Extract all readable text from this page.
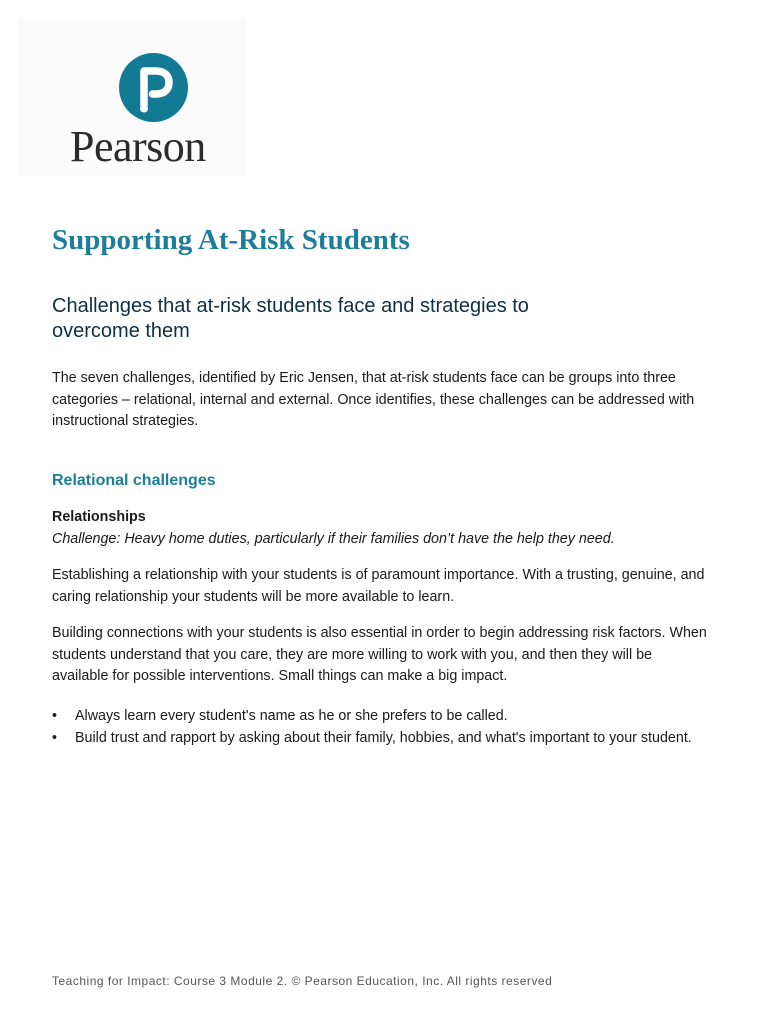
Pearson
Supporting At-Risk Students
Challenges that at-risk students face and strategies to overcome them

The seven challenges, identified by Eric Jensen, that at-risk students face can be groups into three categories – relational, internal and external. Once identifies, these challenges can be addressed with instructional strategies.

Relational challenges
Relationships

Challenge: Heavy home duties, particularly if their families don’t have the help they need.

Establishing a relationship with your students is of paramount importance. With a trusting, genuine, and caring relationship your students will be more available to learn.

Building connections with your students is also essential in order to begin addressing risk factors. When students understand that you care, they are more willing to work with you, and then they will be available for possible interventions. Small things can make a big impact.

• Always learn every student's name as he or she prefers to be called.
• Build trust and rapport by asking about their family, hobbies, and what's important to your student.

Teaching for Impact: Course 3 Module 2. © Pearson Education, Inc. All rights reserved
